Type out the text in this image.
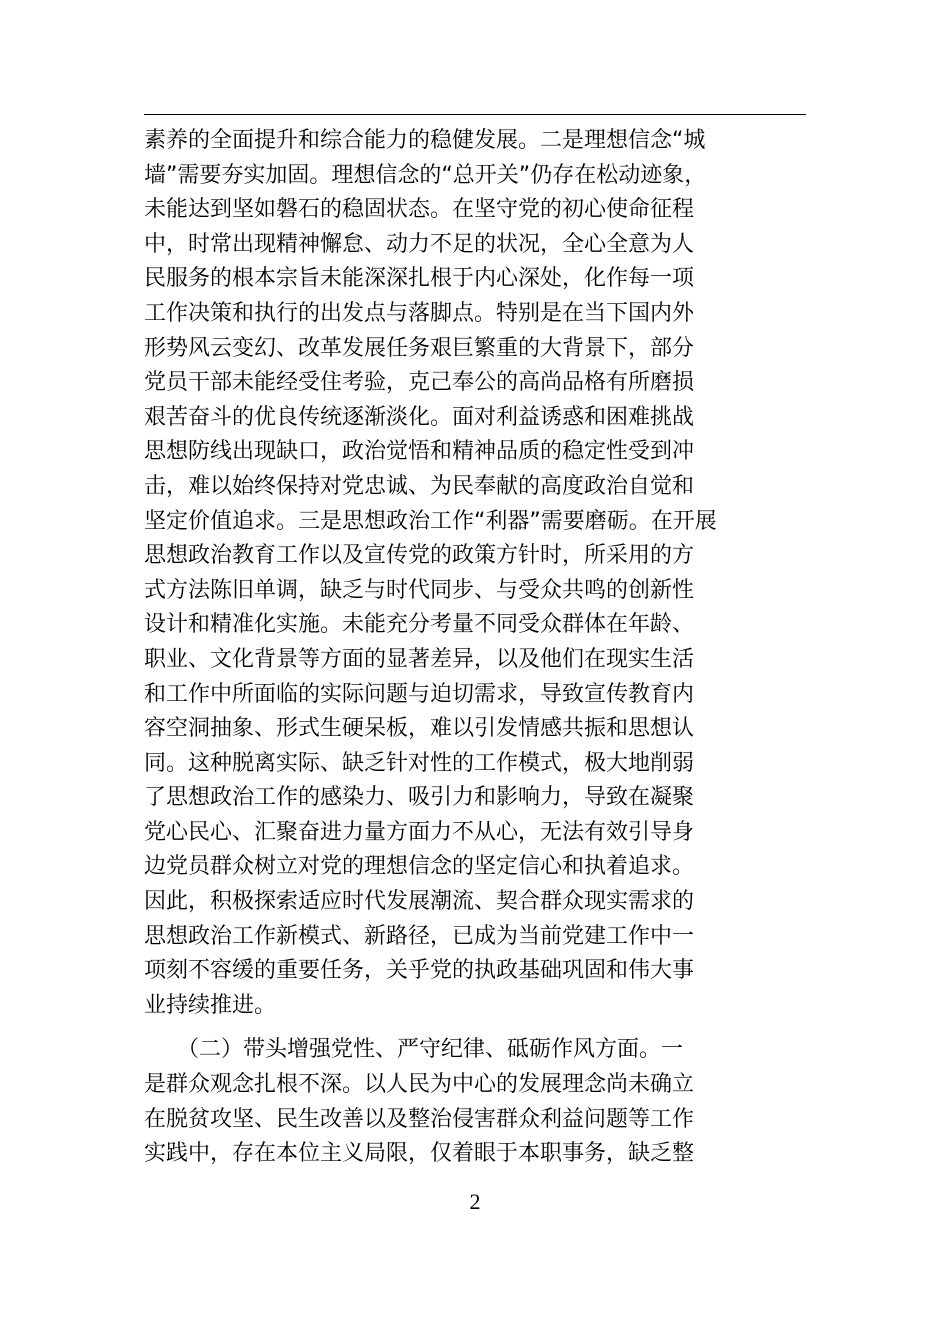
素养的全面提升和综合能力的稳健发展。二是理想信念“城
墙”需要夯实加固。理想信念的“总开关”仍存在松动迹象，
未能达到坚如磐石的稳固状态。在坚守党的初心使命征程
中，时常出现精神懈怠、动力不足的状况，全心全意为人
民服务的根本宗旨未能深深扎根于内心深处，化作每一项
工作决策和执行的出发点与落脚点。特别是在当下国内外
形势风云变幻、改革发展任务艰巨繁重的大背景下，部分
党员干部未能经受住考验，克己奉公的高尚品格有所磨损
艰苦奋斗的优良传统逐渐淡化。面对利益诱惑和困难挑战
思想防线出现缺口，政治觉悟和精神品质的稳定性受到冲
击，难以始终保持对党忠诚、为民奉献的高度政治自觉和
坚定价值追求。三是思想政治工作“利器”需要磨砺。在开展
思想政治教育工作以及宣传党的政策方针时，所采用的方
式方法陈旧单调，缺乏与时代同步、与受众共鸣的创新性
设计和精准化实施。未能充分考量不同受众群体在年龄、
职业、文化背景等方面的显著差异，以及他们在现实生活
和工作中所面临的实际问题与迫切需求，导致宣传教育内
容空洞抽象、形式生硬呆板，难以引发情感共振和思想认
同。这种脱离实际、缺乏针对性的工作模式，极大地削弱
了思想政治工作的感染力、吸引力和影响力，导致在凝聚
党心民心、汇聚奋进力量方面力不从心，无法有效引导身
边党员群众树立对党的理想信念的坚定信心和执着追求。
因此，积极探索适应时代发展潮流、契合群众现实需求的
思想政治工作新模式、新路径，已成为当前党建工作中一
项刻不容缓的重要任务，关乎党的执政基础巩固和伟大事
业持续推进。
　　（二）带头增强党性、严守纪律、砥砺作风方面。一
是群众观念扎根不深。以人民为中心的发展理念尚未确立
在脱贫攻坚、民生改善以及整治侵害群众利益问题等工作
实践中，存在本位主义局限，仅着眼于本职事务，缺乏整
2
